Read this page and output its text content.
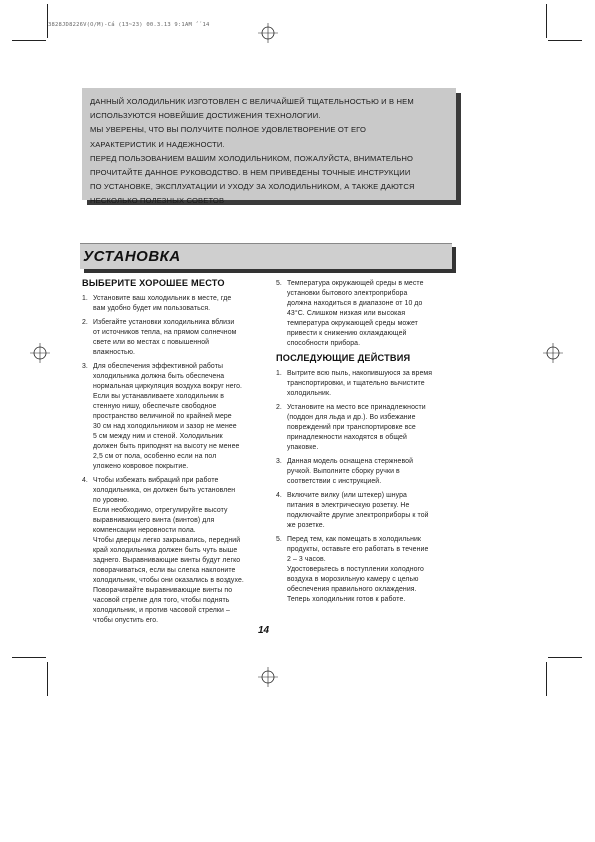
3828JD8226V(O/M)-Са́́́ (13~23) 00.3.13 9:1AM ́́́ ́ 14

ДАННЫЙ ХОЛОДИЛЬНИК ИЗГОТОВЛЕН С ВЕЛИЧАЙШЕЙ ТЩАТЕЛЬНОСТЬЮ И В НЕМ

ИСПОЛЬЗУЮТСЯ НОВЕЙШИЕ ДОСТИЖЕНИЯ ТЕХНОЛОГИИ.

МЫ УВЕРЕНЫ, ЧТО ВЫ ПОЛУЧИТЕ ПОЛНОЕ УДОВЛЕТВОРЕНИЕ ОТ ЕГО

ХАРАКТЕРИСТИК И НАДЕЖНОСТИ.

ПЕРЕД ПОЛЬЗОВАНИЕМ ВАШИМ ХОЛОДИЛЬНИКОМ, ПОЖАЛУЙСТА, ВНИМАТЕЛЬНО

ПРОЧИТАЙТЕ ДАННОЕ РУКОВОДСТВО. В НЕМ ПРИВЕДЕНЫ ТОЧНЫЕ ИНСТРУКЦИИ

ПО УСТАНОВКЕ, ЭКСПЛУАТАЦИИ И УХОДУ ЗА ХОЛОДИЛЬНИКОМ, А ТАКЖЕ ДАЮТСЯ

НЕСКОЛЬКО ПОЛЕЗНЫХ СОВЕТОВ

УСТАНОВКА
ВЫБЕРИТЕ ХОРОШЕЕ МЕСТО
1. Установите ваш холодильник в месте, где
вам удобно будет им пользоваться.
2. Избегайте установки холодильника вблизи
от источников тепла, на прямом солнечном
свете или во местах с повышенной
влажностью.
3. Для обеспечения эффективной работы
холодильника должна быть обеспечена
нормальная циркуляция воздуха вокруг него.
Если вы устанавливаете холодильник в
стенную нишу, обеспечьте свободное
пространство величиной по крайней мере
30 см над холодильником и зазор не менее
5 см между ним и стеной. Холодильник
должен быть приподнят на высоту не менее
2,5 см от пола, особенно если на пол
уложено ковровое покрытие.
4. Чтобы избежать вибраций при работе
холодильника, он должен быть установлен
по уровню.
Если необходимо, отрегулируйте высоту
выравнивающего винта (винтов) для
компенсации неровности пола.
Чтобы дверцы легко закрывались, передний
край холодильника должен быть чуть выше
заднего. Выравнивающие винты будут легко
поворачиваться, если вы слегка наклоните
холодильник, чтобы они оказались в воздухе.
Поворачивайте выравнивающие винты по
часовой стрелке для того, чтобы поднять
холодильник, и против часовой стрелки –
чтобы опустить его.
5. Температура окружающей среды в месте
установки бытового электроприбора
должна находиться в диапазоне от 10 до
43°C. Слишком низкая или высокая
температура окружающей среды может
привести к снижению охлаждающей
способности прибора.
ПОСЛЕДУЮЩИЕ ДЕЙСТВИЯ
1. Вытрите всю пыль, накопившуюся за время
транспортировки, и тщательно вычистите
холодильник.
2. Установите на место все принадлежности
(поддон для льда и др.). Во избежание
повреждений при транспортировке все
принадлежности находятся в общей
упаковке.
3. Данная модель оснащена стержневой
ручкой. Выполните сборку ручки в
соответствии с инструкцией.
4. Включите вилку (или штекер) шнура
питания в электрическую розетку. Не
подключайте другие электроприборы к той
же розетке.
5. Перед тем, как помещать в холодильник
продукты, оставьте его работать в течение
2 – 3 часов.
Удостоверьтесь в поступлении холодного
воздуха в морозильную камеру с целью
обеспечения правильного охлаждения.
Теперь холодильник готов к работе.
14
